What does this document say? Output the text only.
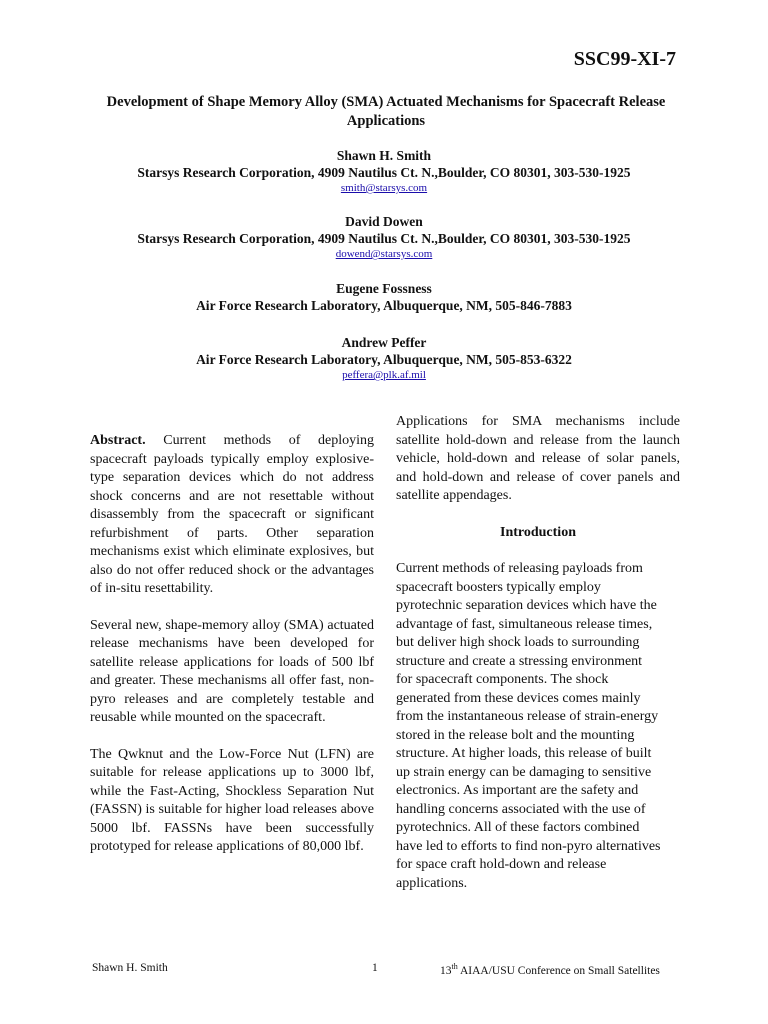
SSC99-XI-7
Development of Shape Memory Alloy (SMA) Actuated Mechanisms for Spacecraft Release
Applications
Shawn H. Smith
Starsys Research Corporation, 4909 Nautilus Ct. N.,Boulder, CO 80301, 303-530-1925
smith@starsys.com
David Dowen
Starsys Research Corporation, 4909 Nautilus Ct. N.,Boulder, CO 80301, 303-530-1925
dowend@starsys.com
Eugene Fossness
Air Force Research Laboratory, Albuquerque, NM, 505-846-7883
Andrew Peffer
Air Force Research Laboratory, Albuquerque, NM, 505-853-6322
peffera@plk.af.mil

Abstract. Current methods of deploying spacecraft payloads typically employ explosive-type separation devices which do not address shock concerns and are not resettable without disassembly from the spacecraft or significant refurbishment of parts. Other separation mechanisms exist which eliminate explosives, but also do not offer reduced shock or the advantages of in-situ resettability.

Several new, shape-memory alloy (SMA) actuated release mechanisms have been developed for satellite release applications for loads of 500 lbf and greater. These mechanisms all offer fast, non-pyro releases and are completely testable and reusable while mounted on the spacecraft.

The Qwknut and the Low-Force Nut (LFN) are suitable for release applications up to 3000 lbf, while the Fast-Acting, Shockless Separation Nut (FASSN) is suitable for higher load releases above 5000 lbf. FASSNs have been successfully prototyped for release applications of 80,000 lbf.

Applications for SMA mechanisms include satellite hold-down and release from the launch vehicle, hold-down and release of solar panels, and hold-down and release of cover panels and satellite appendages.

Introduction
Current methods of releasing payloads from
spacecraft boosters typically employ
pyrotechnic separation devices which have the
advantage of fast, simultaneous release times,
but deliver high shock loads to surrounding
structure and create a stressing environment
for spacecraft components. The shock
generated from these devices comes mainly
from the instantaneous release of strain-energy
stored in the release bolt and the mounting
structure. At higher loads, this release of built
up strain energy can be damaging to sensitive
electronics. As important are the safety and
handling concerns associated with the use of
pyrotechnics. All of these factors combined
have led to efforts to find non-pyro alternatives
for space craft hold-down and release
applications.
Shawn H. Smith	1	13th AIAA/USU Conference on Small Satellites
